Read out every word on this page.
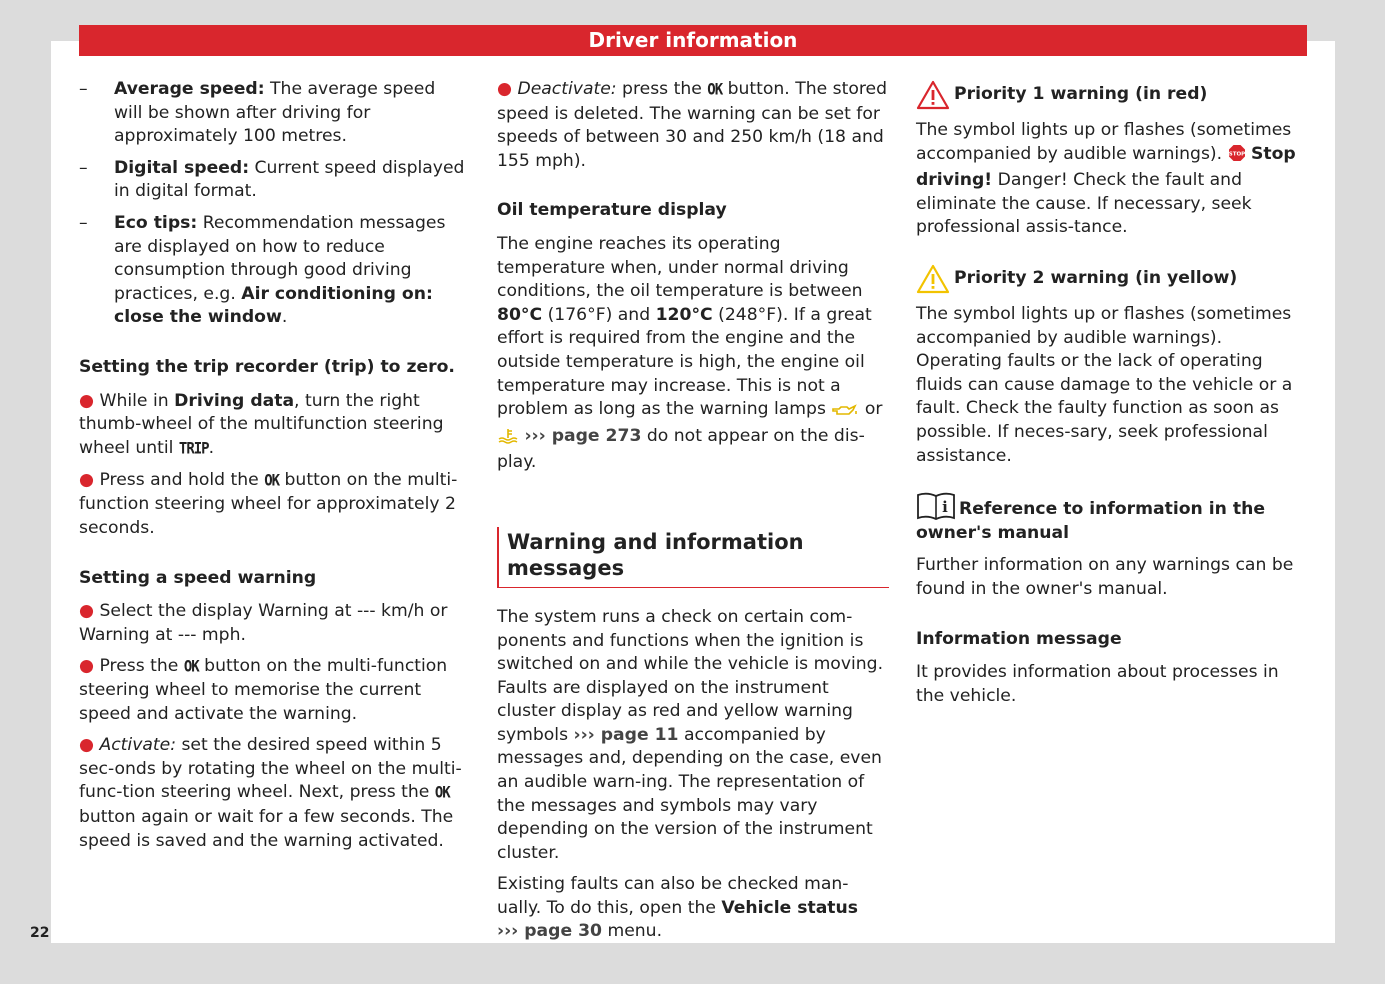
Driver information
– Average speed: The average speed will be shown after driving for approximately 100 metres.
– Digital speed: Current speed displayed in digital format.
– Eco tips: Recommendation messages are displayed on how to reduce consumption through good driving practices, e.g. Air conditioning on: close the window.
Setting the trip recorder (trip) to zero.

● While in Driving data, turn the right thumb-wheel of the multifunction steering wheel until TRIP.

● Press and hold the OK button on the multi-function steering wheel for approximately 2 seconds.

Setting a speed warning

● Select the display Warning at --- km/h or Warning at --- mph.

● Press the OK button on the multi-function steering wheel to memorise the current speed and activate the warning.

● Activate: set the desired speed within 5 sec-onds by rotating the wheel on the multi-func-tion steering wheel. Next, press the OK button again or wait for a few seconds. The speed is saved and the warning activated.

● Deactivate: press the OK button. The stored speed is deleted. The warning can be set for speeds of between 30 and 250 km/h (18 and 155 mph).

Oil temperature display

The engine reaches its operating temperature when, under normal driving conditions, the oil temperature is between 80°C (176°F) and 120°C (248°F). If a great effort is required from the engine and the outside temperature is high, the engine oil temperature may increase. This is not a problem as long as the warning lamps  or  ››› page 273 do not appear on the dis-play.

Warning and information messages

The system runs a check on certain com-ponents and functions when the ignition is switched on and while the vehicle is moving. Faults are displayed on the instrument cluster display as red and yellow warning symbols ››› page 11 accompanied by messages and, depending on the case, even an audible warn-ing. The representation of the messages and symbols may vary depending on the version of the instrument cluster.

Existing faults can also be checked man-ually. To do this, open the Vehicle status
››› page 30 menu.

Priority 1 warning (in red)

The symbol lights up or flashes (sometimes accompanied by audible warnings). STOP Stop driving! Danger! Check the fault and eliminate the cause. If necessary, seek professional assis-tance.

Priority 2 warning (in yellow)

The symbol lights up or flashes (sometimes accompanied by audible warnings). Operating faults or the lack of operating fluids can cause damage to the vehicle or a fault. Check the faulty function as soon as possible. If neces-sary, seek professional assistance.

i Reference to information in the owner's manual

Further information on any warnings can be found in the owner's manual.

Information message

It provides information about processes in the vehicle.

22
